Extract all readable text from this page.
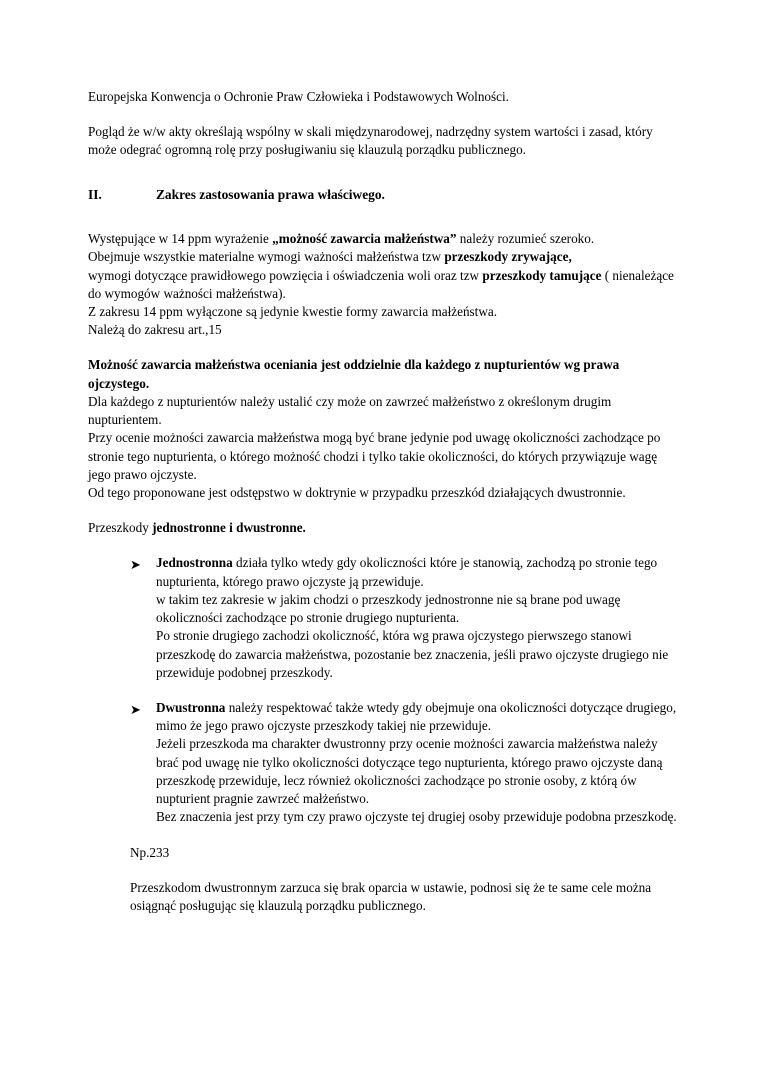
Europejska Konwencja o Ochronie Praw Człowieka i Podstawowych Wolności.

Pogląd że w/w akty określają wspólny w skali międzynarodowej, nadrzędny system wartości i zasad, który może odegrać ogromną rolę przy posługiwaniu się klauzulą porządku publicznego.

II.	Zakres zastosowania prawa właściwego.

Występujące w 14 ppm wyrażenie „możność zawarcia małżeństwa” należy rozumieć szeroko.

Obejmuje wszystkie materialne wymogi ważności małżeństwa tzw przeszkody zrywające,

wymogi dotyczące prawidłowego powzięcia i oświadczenia woli oraz tzw przeszkody tamujące ( nienależące do wymogów ważności małżeństwa).

Z zakresu 14 ppm wyłączone są jedynie kwestie formy zawarcia małżeństwa.

Należą do zakresu art.,15

Możność zawarcia małżeństwa oceniania jest oddzielnie dla każdego z nupturientów wg prawa ojczystego.

Dla każdego z nupturientów należy ustalić czy może on zawrzeć małżeństwo z określonym drugim nupturientem.

Przy ocenie możności zawarcia małżeństwa mogą być brane jedynie pod uwagę okoliczności zachodzące po stronie tego nupturienta, o którego możność chodzi i tylko takie okoliczności, do których przywiązuje wagę jego prawo ojczyste.

Od tego proponowane jest odstępstwo w doktrynie w przypadku przeszkód działających dwustronnie.

Przeszkody jednostronne i dwustronne.

➤	Jednostronna działa tylko wtedy gdy okoliczności które je stanowią, zachodzą po stronie tego nupturienta, którego prawo ojczyste ją przewiduje.

w takim tez zakresie w jakim chodzi o przeszkody jednostronne nie są brane pod uwagę okoliczności zachodzące po stronie drugiego nupturienta.

Po stronie drugiego zachodzi okoliczność, która wg prawa ojczystego pierwszego stanowi przeszkodę do zawarcia małżeństwa, pozostanie bez znaczenia, jeśli prawo ojczyste drugiego nie przewiduje podobnej przeszkody.

➤	Dwustronna należy respektować także wtedy gdy obejmuje ona okoliczności dotyczące drugiego, mimo że jego prawo ojczyste przeszkody takiej nie przewiduje.

Jeżeli przeszkoda ma charakter dwustronny przy ocenie możności zawarcia małżeństwa należy brać pod uwagę nie tylko okoliczności dotyczące tego nupturienta, którego prawo ojczyste daną przeszkodę przewiduje, lecz również okoliczności zachodzące po stronie osoby, z którą ów nupturient pragnie zawrzeć małżeństwo.

Bez znaczenia jest przy tym czy prawo ojczyste tej drugiej osoby przewiduje podobna przeszkodę.

Np.233

Przeszkodom dwustronnym zarzuca się brak oparcia w ustawie, podnosi się że te same cele można osiągnąć posługując się klauzulą porządku publicznego.
